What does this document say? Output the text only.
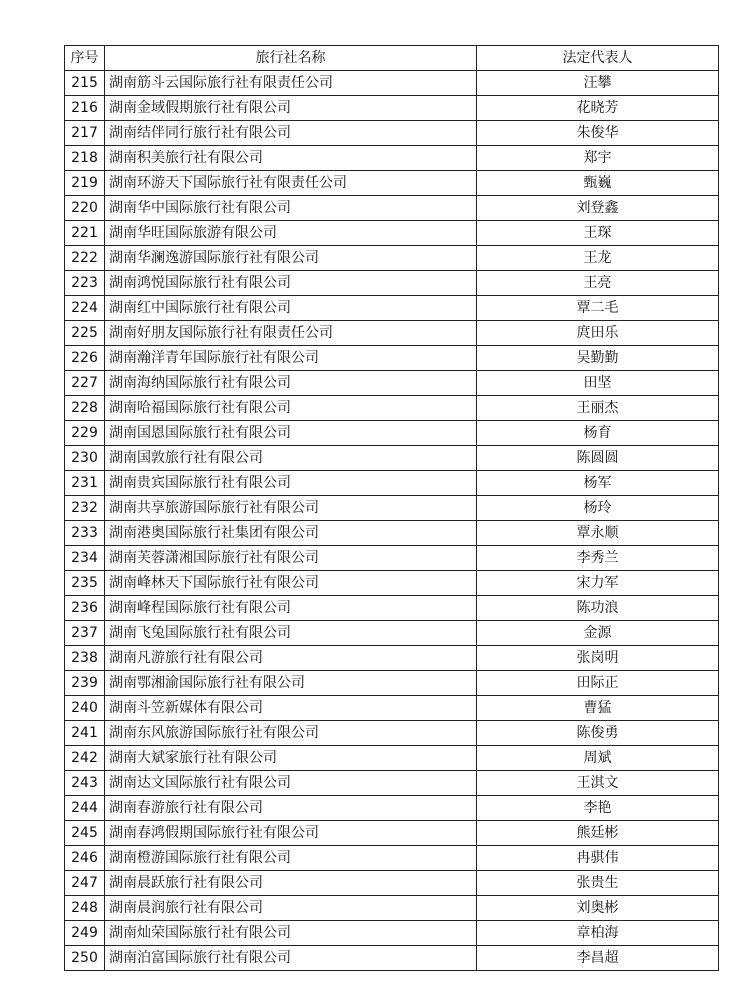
序号	旅行社名称	法定代表人
215	湖南筋斗云国际旅行社有限责任公司	汪攀
216	湖南金域假期旅行社有限公司	花晓芳
217	湖南结伴同行旅行社有限公司	朱俊华
218	湖南积美旅行社有限公司	郑宇
219	湖南环游天下国际旅行社有限责任公司	甄巍
220	湖南华中国际旅行社有限公司	刘登鑫
221	湖南华旺国际旅游有限公司	王琛
222	湖南华澜逸游国际旅行社有限公司	王龙
223	湖南鸿悦国际旅行社有限公司	王亮
224	湖南红中国际旅行社有限公司	覃二毛
225	湖南好朋友国际旅行社有限责任公司	庹田乐
226	湖南瀚洋青年国际旅行社有限公司	吴勤勤
227	湖南海纳国际旅行社有限公司	田坚
228	湖南哈福国际旅行社有限公司	王丽杰
229	湖南国恩国际旅行社有限公司	杨育
230	湖南国敦旅行社有限公司	陈圆圆
231	湖南贵宾国际旅行社有限公司	杨军
232	湖南共享旅游国际旅行社有限公司	杨玲
233	湖南港奥国际旅行社集团有限公司	覃永顺
234	湖南芙蓉潇湘国际旅行社有限公司	李秀兰
235	湖南峰林天下国际旅行社有限公司	宋力军
236	湖南峰程国际旅行社有限公司	陈功浪
237	湖南飞兔国际旅行社有限公司	金源
238	湖南凡游旅行社有限公司	张岗明
239	湖南鄂湘渝国际旅行社有限公司	田际正
240	湖南斗笠新媒体有限公司	曹猛
241	湖南东风旅游国际旅行社有限公司	陈俊勇
242	湖南大斌家旅行社有限公司	周斌
243	湖南达文国际旅行社有限公司	王淇文
244	湖南春游旅行社有限公司	李艳
245	湖南春鸿假期国际旅行社有限公司	熊廷彬
246	湖南橙游国际旅行社有限公司	冉骐伟
247	湖南晨跃旅行社有限公司	张贵生
248	湖南晨润旅行社有限公司	刘奥彬
249	湖南灿荣国际旅行社有限公司	章柏海
250	湖南泊富国际旅行社有限公司	李昌超
